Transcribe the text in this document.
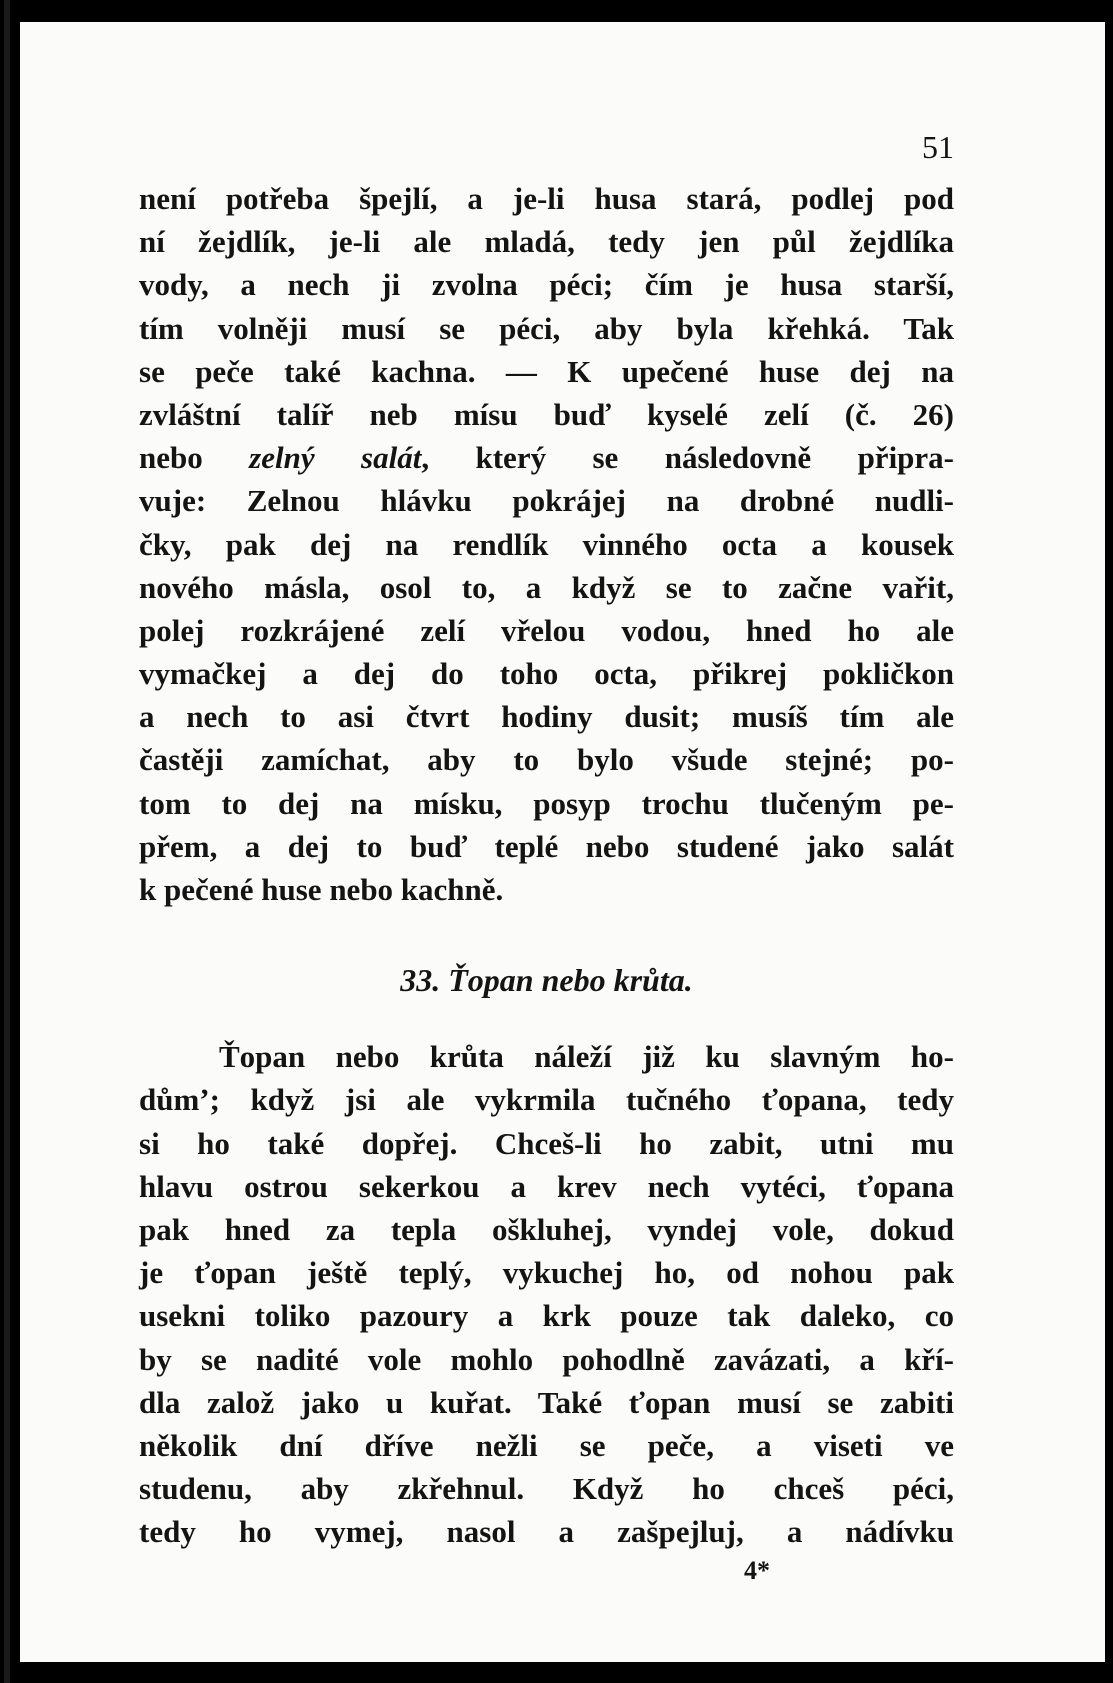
51
není potřeba špejlí, a je-li husa stará, podlej pod
ní žejdlík, je-li ale mladá, tedy jen půl žejdlíka
vody, a nech ji zvolna péci; čím je husa starší,
tím volněji musí se péci, aby byla křehká. Tak
se peče také kachna. — K upečené huse dej na
zvláštní talíř neb mísu buď kyselé zelí (č. 26)
nebo zelný salát, který se následovně připra-
vuje: Zelnou hlávku pokrájej na drobné nudli-
čky, pak dej na rendlík vinného octa a kousek
nového másla, osol to, a když se to začne vařit,
polej rozkrájené zelí vřelou vodou, hned ho ale
vymačkej a dej do toho octa, přikrej pokličkon
a nech to asi čtvrt hodiny dusit; musíš tím ale
častěji zamíchat, aby to bylo všude stejné; po-
tom to dej na mísku, posyp trochu tlučeným pe-
přem, a dej to buď teplé nebo studené jako salát
k pečené huse nebo kachně.
33. Ťopan nebo krůta.
Ťopan nebo krůta náleží již ku slavným ho-
důmʼ; když jsi ale vykrmila tučného ťopana, tedy
si ho také dopřej. Chceš-li ho zabit, utni mu
hlavu ostrou sekerkou a krev nech vytéci, ťopana
pak hned za tepla oškluhej, vyndej vole, dokud
je ťopan ještě teplý, vykuchej ho, od nohou pak
usekni toliko pazoury a krk pouze tak daleko, co
by se nadité vole mohlo pohodlně zavázati, a kří-
dla založ jako u kuřat. Také ťopan musí se zabiti
několik dní dříve nežli se peče, a viseti ve
studenu, aby zkřehnul. Když ho chceš péci,
tedy ho vymej, nasol a zašpejluj, a nádívku
4*
